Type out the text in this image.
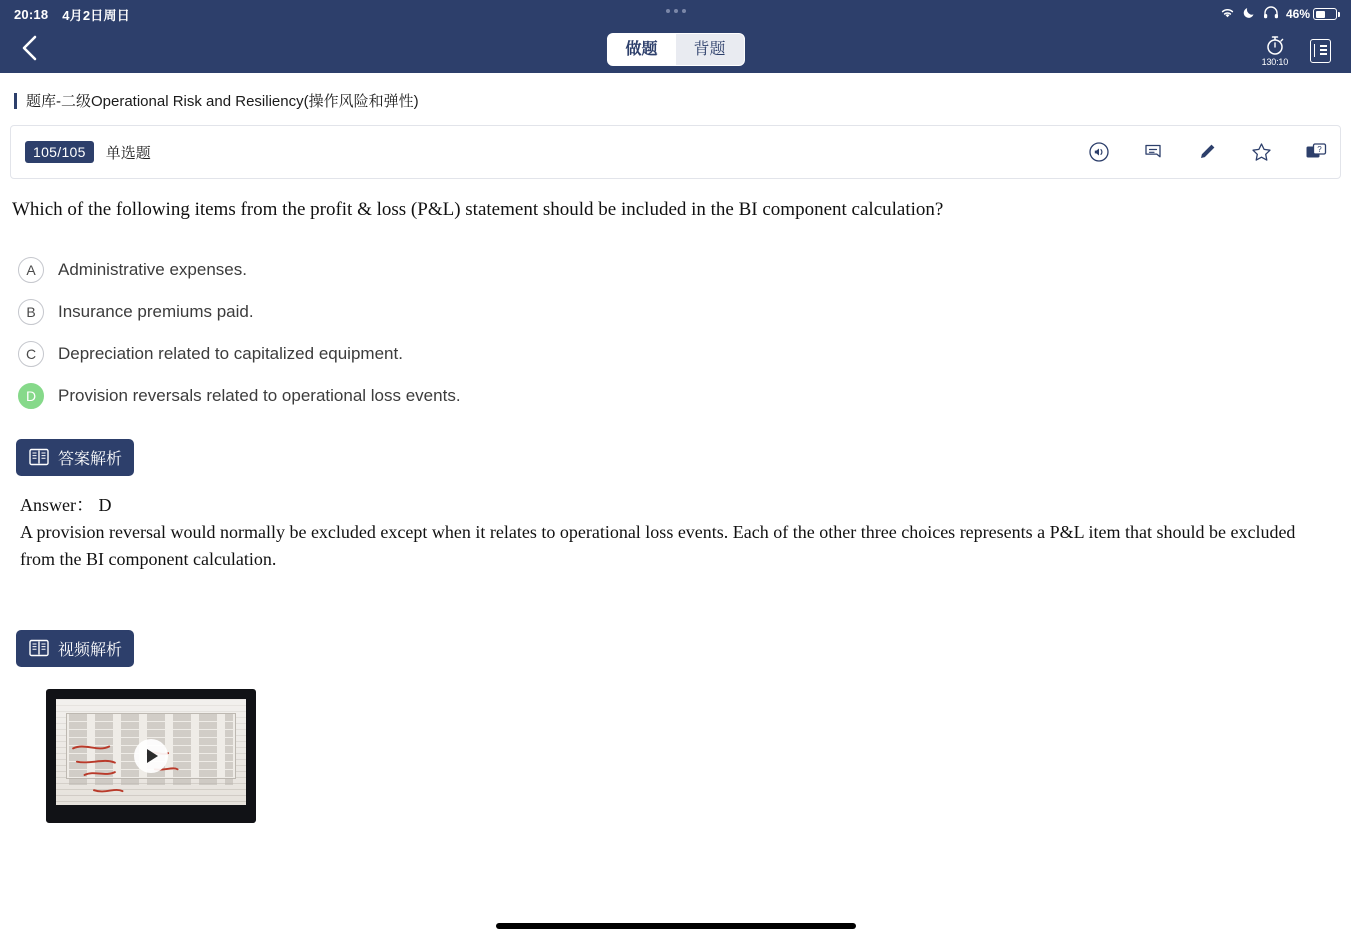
20:18 4月2日周日	46%
做题	背题
130:10
题库-二级Operational Risk and Resiliency(操作风险和弹性)
105/105	单选题	?
Which of the following items from the profit & loss (P&L) statement should be included in the BI component calculation?
A	Administrative expenses.
B	Insurance premiums paid.
C	Depreciation related to capitalized equipment.
D	Provision reversals related to operational loss events.
答案解析
Answer： D
A provision reversal would normally be excluded except when it relates to operational loss events. Each of the other three choices represents a P&L item that should be excluded from the BI component calculation.
视频解析
